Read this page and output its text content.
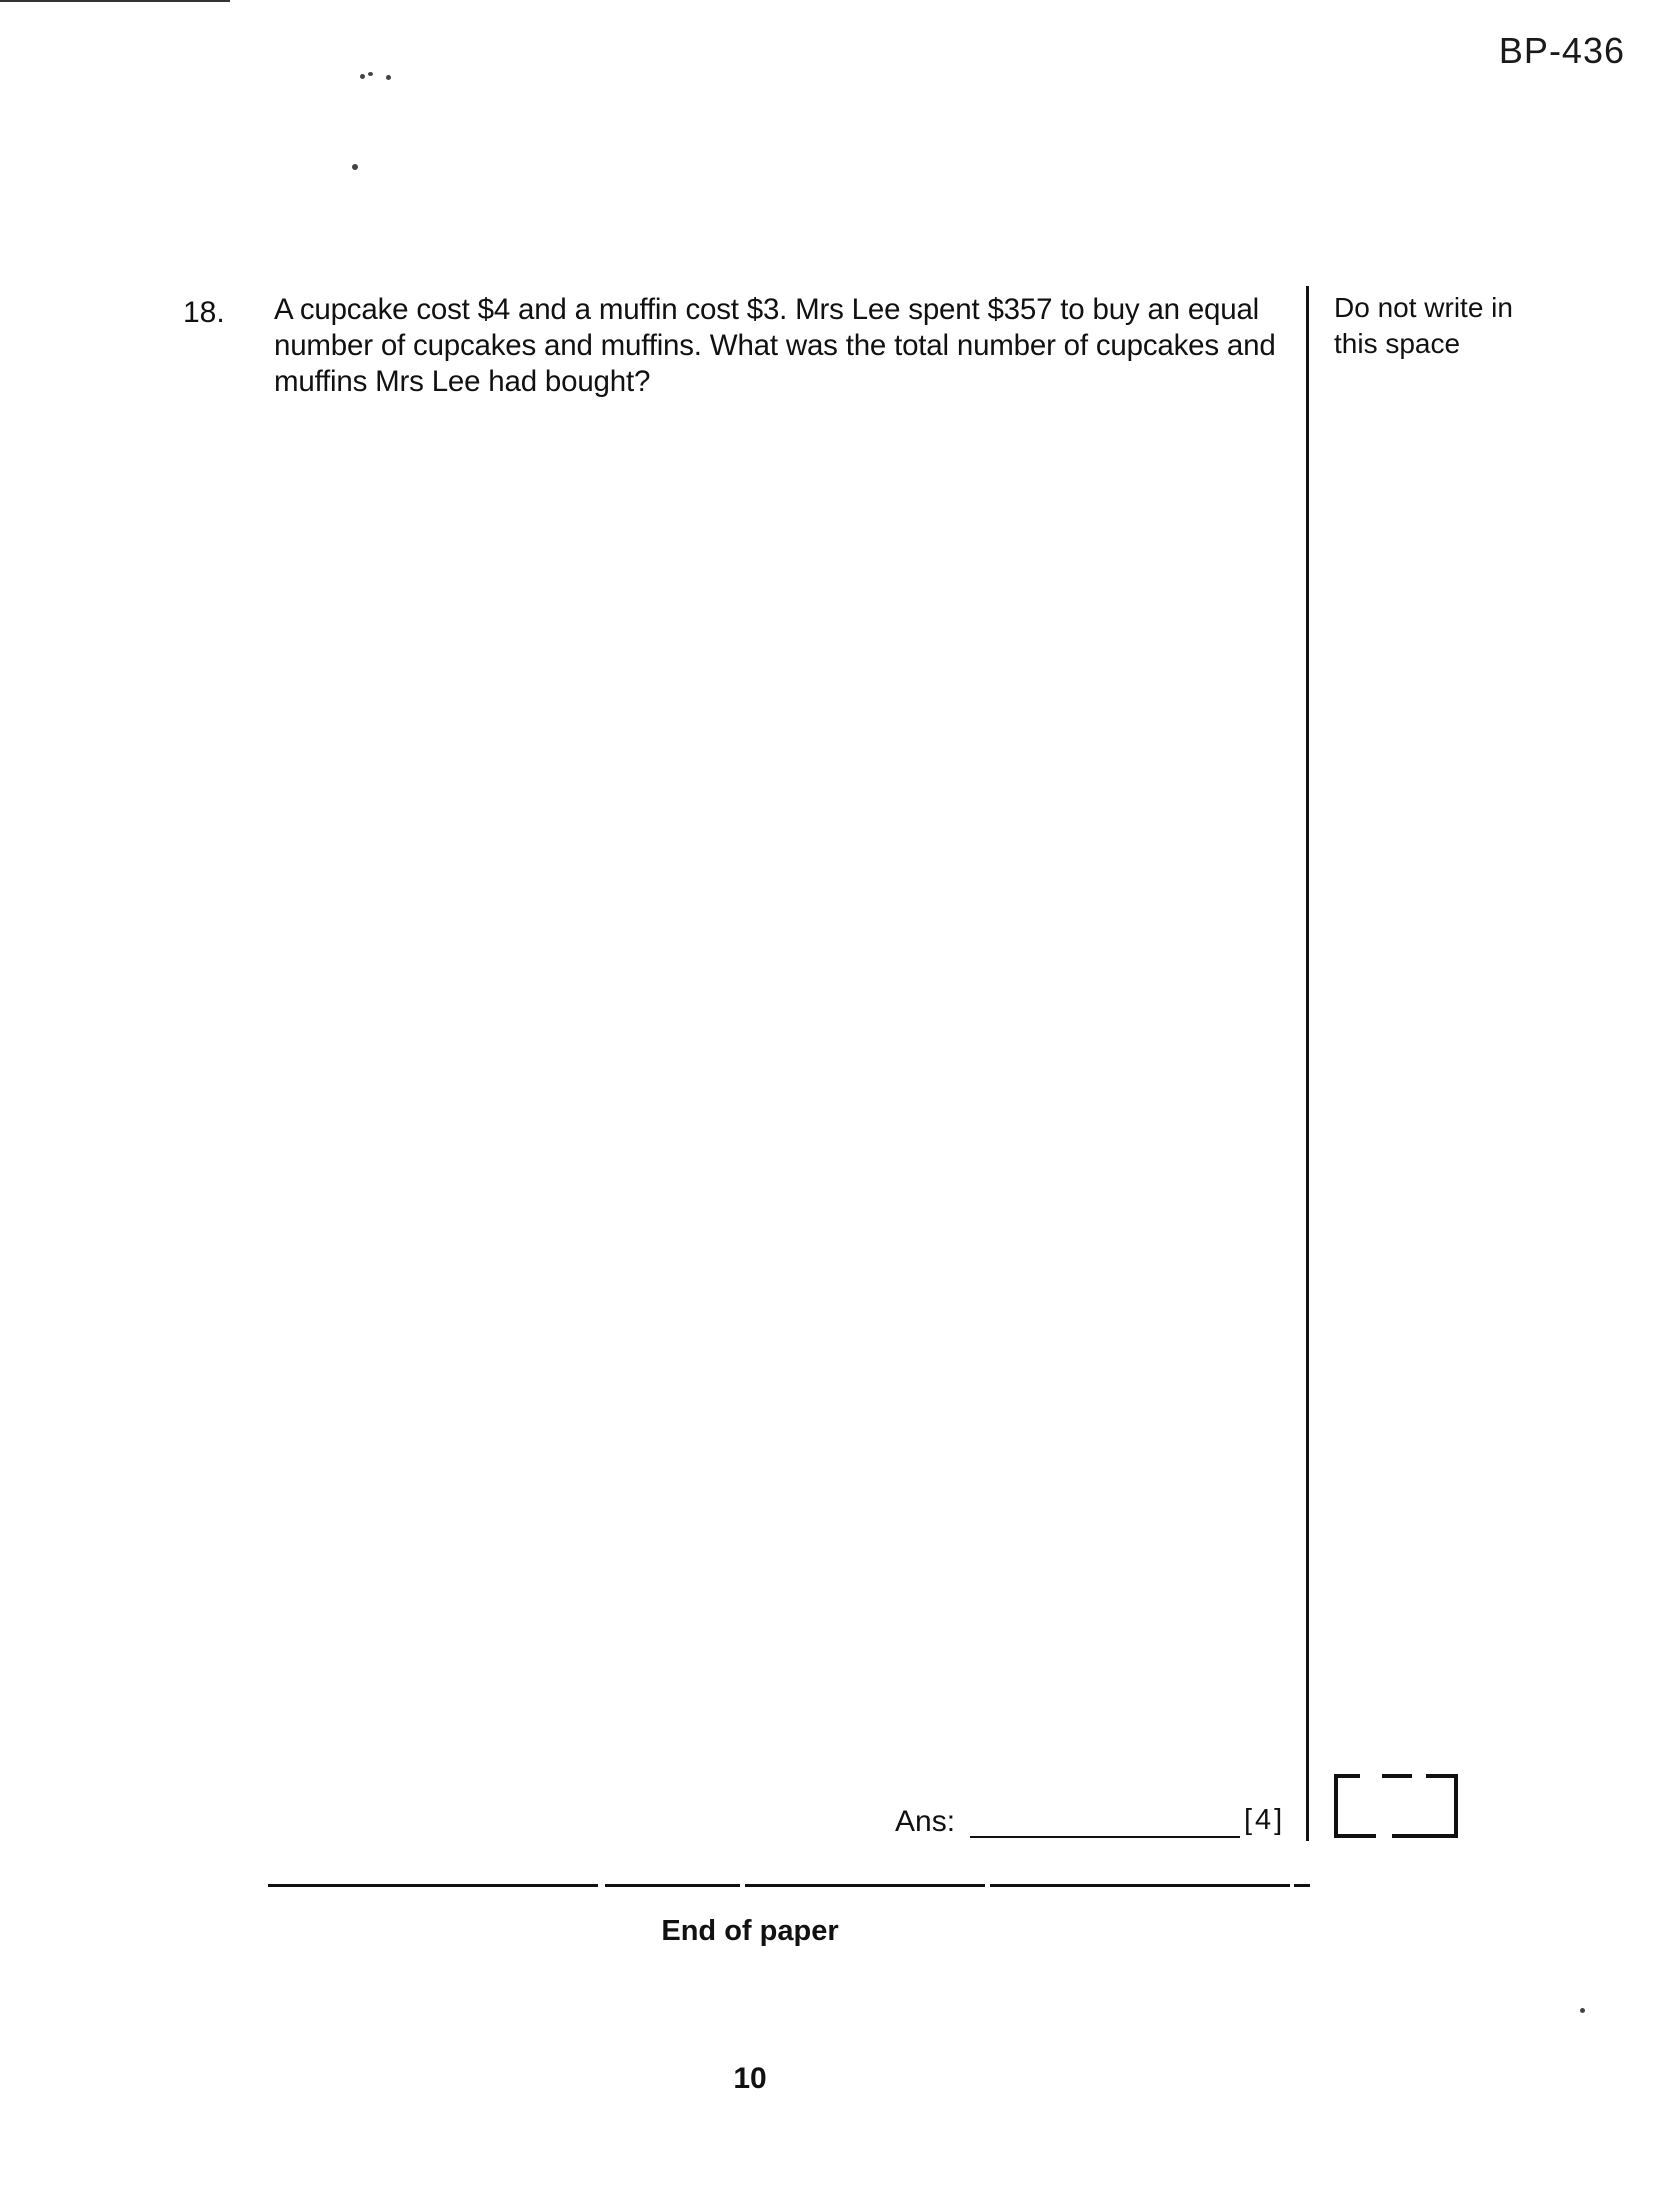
BP-436
18. A cupcake cost $4 and a muffin cost $3. Mrs Lee spent $357 to buy an equal number of cupcakes and muffins. What was the total number of cupcakes and muffins Mrs Lee had bought?
Do not write in this space
Ans:	[4]
End of paper
10
